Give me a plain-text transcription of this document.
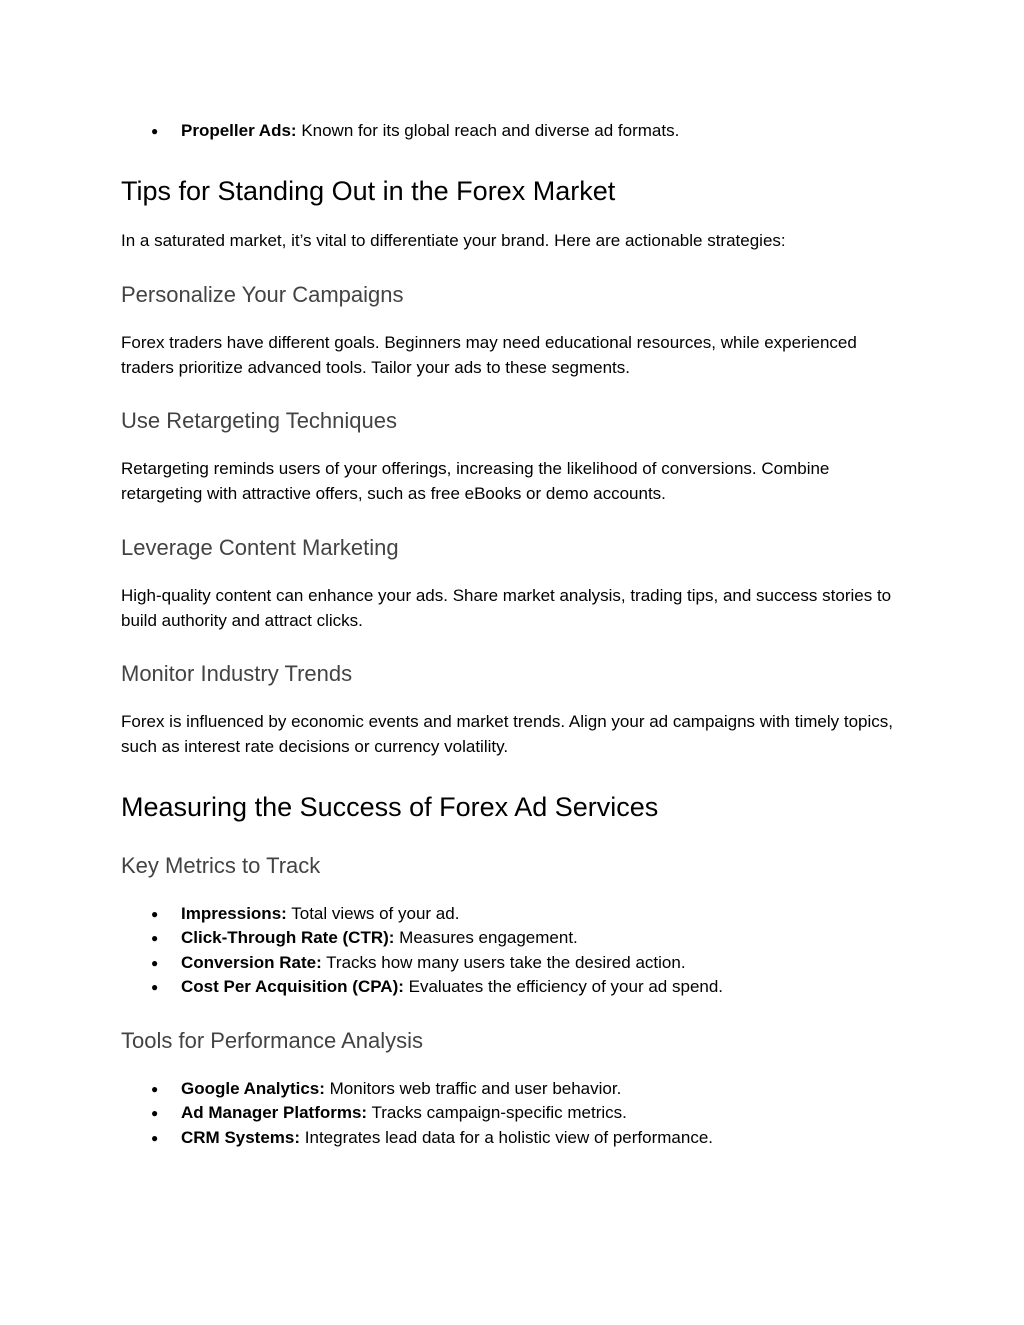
● Propeller Ads: Known for its global reach and diverse ad formats.
Tips for Standing Out in the Forex Market

In a saturated market, it’s vital to differentiate your brand. Here are actionable strategies:

Personalize Your Campaigns

Forex traders have different goals. Beginners may need educational resources, while experienced traders prioritize advanced tools. Tailor your ads to these segments.

Use Retargeting Techniques

Retargeting reminds users of your offerings, increasing the likelihood of conversions. Combine retargeting with attractive offers, such as free eBooks or demo accounts.

Leverage Content Marketing

High-quality content can enhance your ads. Share market analysis, trading tips, and success stories to build authority and attract clicks.

Monitor Industry Trends

Forex is influenced by economic events and market trends. Align your ad campaigns with timely topics, such as interest rate decisions or currency volatility.

Measuring the Success of Forex Ad Services
Key Metrics to Track
● Impressions: Total views of your ad.
● Click-Through Rate (CTR): Measures engagement.
● Conversion Rate: Tracks how many users take the desired action.
● Cost Per Acquisition (CPA): Evaluates the efficiency of your ad spend.
Tools for Performance Analysis
● Google Analytics: Monitors web traffic and user behavior.
● Ad Manager Platforms: Tracks campaign-specific metrics.
● CRM Systems: Integrates lead data for a holistic view of performance.
